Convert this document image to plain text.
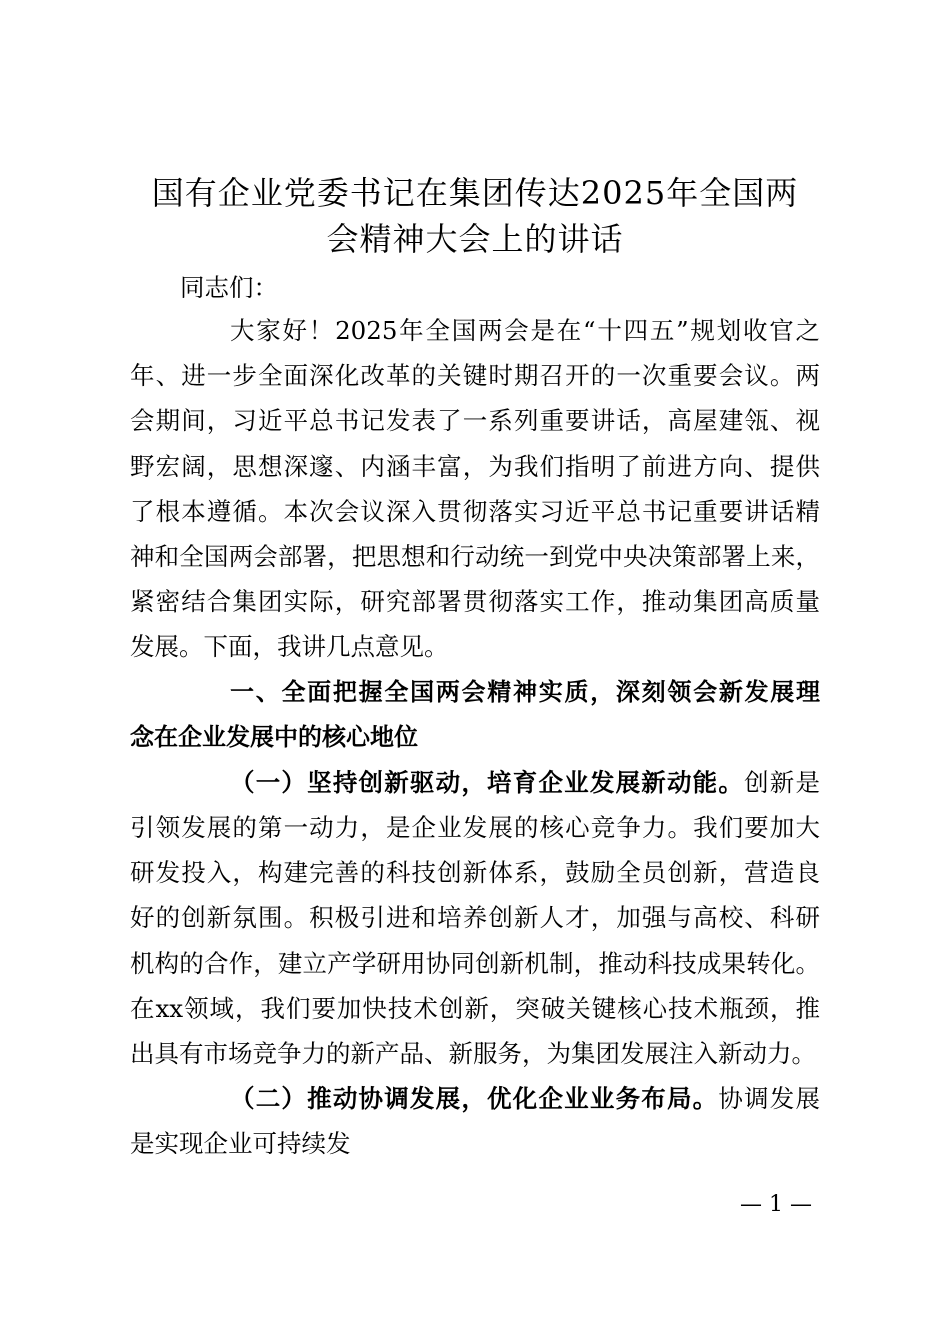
国有企业党委书记在集团传达2025年全国两
会精神大会上的讲话
同志们：
大家好！2025年全国两会是在“十四五”规划收官之
年、进一步全面深化改革的关键时期召开的一次重要会议。两
会期间，习近平总书记发表了一系列重要讲话，高屋建瓴、视
野宏阔，思想深邃、内涵丰富，为我们指明了前进方向、提供
了根本遵循。本次会议深入贯彻落实习近平总书记重要讲话精
神和全国两会部署，把思想和行动统一到党中央决策部署上来，
紧密结合集团实际，研究部署贯彻落实工作，推动集团高质量
发展。下面，我讲几点意见。
一、全面把握全国两会精神实质，深刻领会新发展理
念在企业发展中的核心地位
（一）坚持创新驱动，培育企业发展新动能。创新是
引领发展的第一动力，是企业发展的核心竞争力。我们要加大
研发投入，构建完善的科技创新体系，鼓励全员创新，营造良
好的创新氛围。积极引进和培养创新人才，加强与高校、科研
机构的合作，建立产学研用协同创新机制，推动科技成果转化。
在xx领域，我们要加快技术创新，突破关键核心技术瓶颈，推
出具有市场竞争力的新产品、新服务，为集团发展注入新动力。
（二）推动协调发展，优化企业业务布局。协调发展
是实现企业可持续发
— 1 —
